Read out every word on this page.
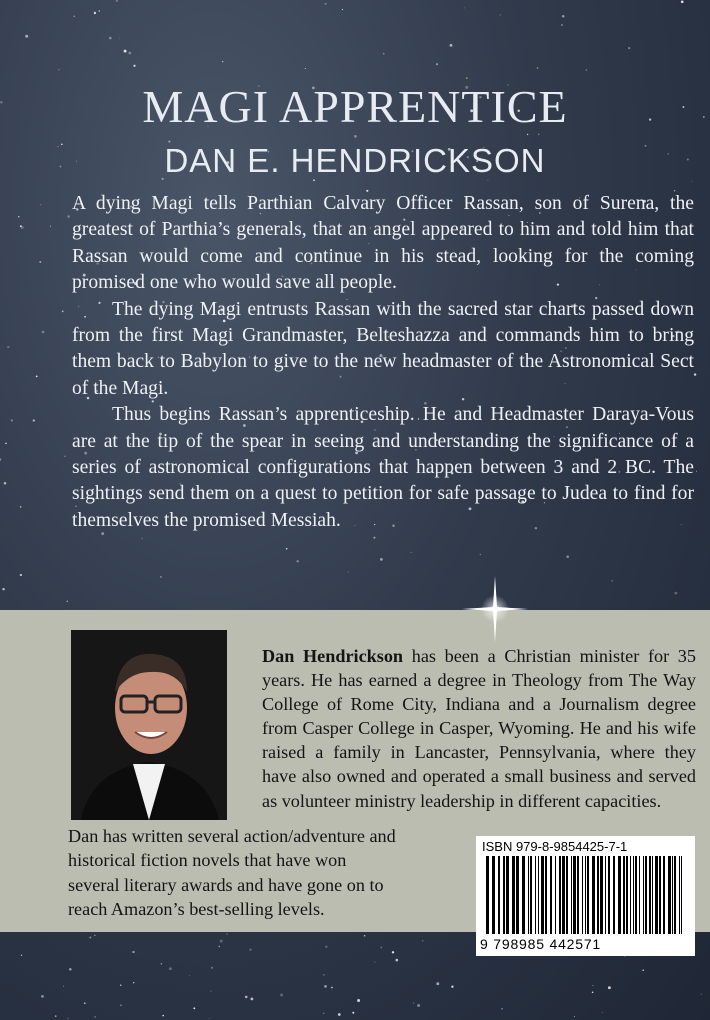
MAGI APPRENTICE
DAN E. HENDRICKSON

A dying Magi tells Parthian Calvary Officer Rassan, son of Surena, the greatest of Parthia’s generals, that an angel appeared to him and told him that Rassan would come and continue in his stead, looking for the coming promised one who would save all people.

The dying Magi entrusts Rassan with the sacred star charts passed down from the first Magi Grandmaster, Belteshazza and commands him to bring them back to Babylon to give to the new headmaster of the Astronomical Sect of the Magi.

Thus begins Rassan’s apprenticeship. He and Headmaster Daraya-Vous are at the tip of the spear in seeing and understanding the significance of a series of astronomical configurations that happen between 3 and 2 BC. The sightings send them on a quest to petition for safe passage to Judea to find for themselves the promised Messiah.

Dan Hendrickson has been a Christian minister for 35 years. He has earned a degree in Theology from The Way College of Rome City, Indiana and a Journalism degree from Casper College in Casper, Wyoming. He and his wife raised a family in Lancaster, Pennsylvania, where they have also owned and operated a small business and served as volunteer ministry leadership in different capacities.

Dan has written several action/adventure and historical fiction novels that have won several literary awards and have gone on to reach Amazon’s best-selling levels.

ISBN 979-8-9854425-7-1
9 798985 442571
